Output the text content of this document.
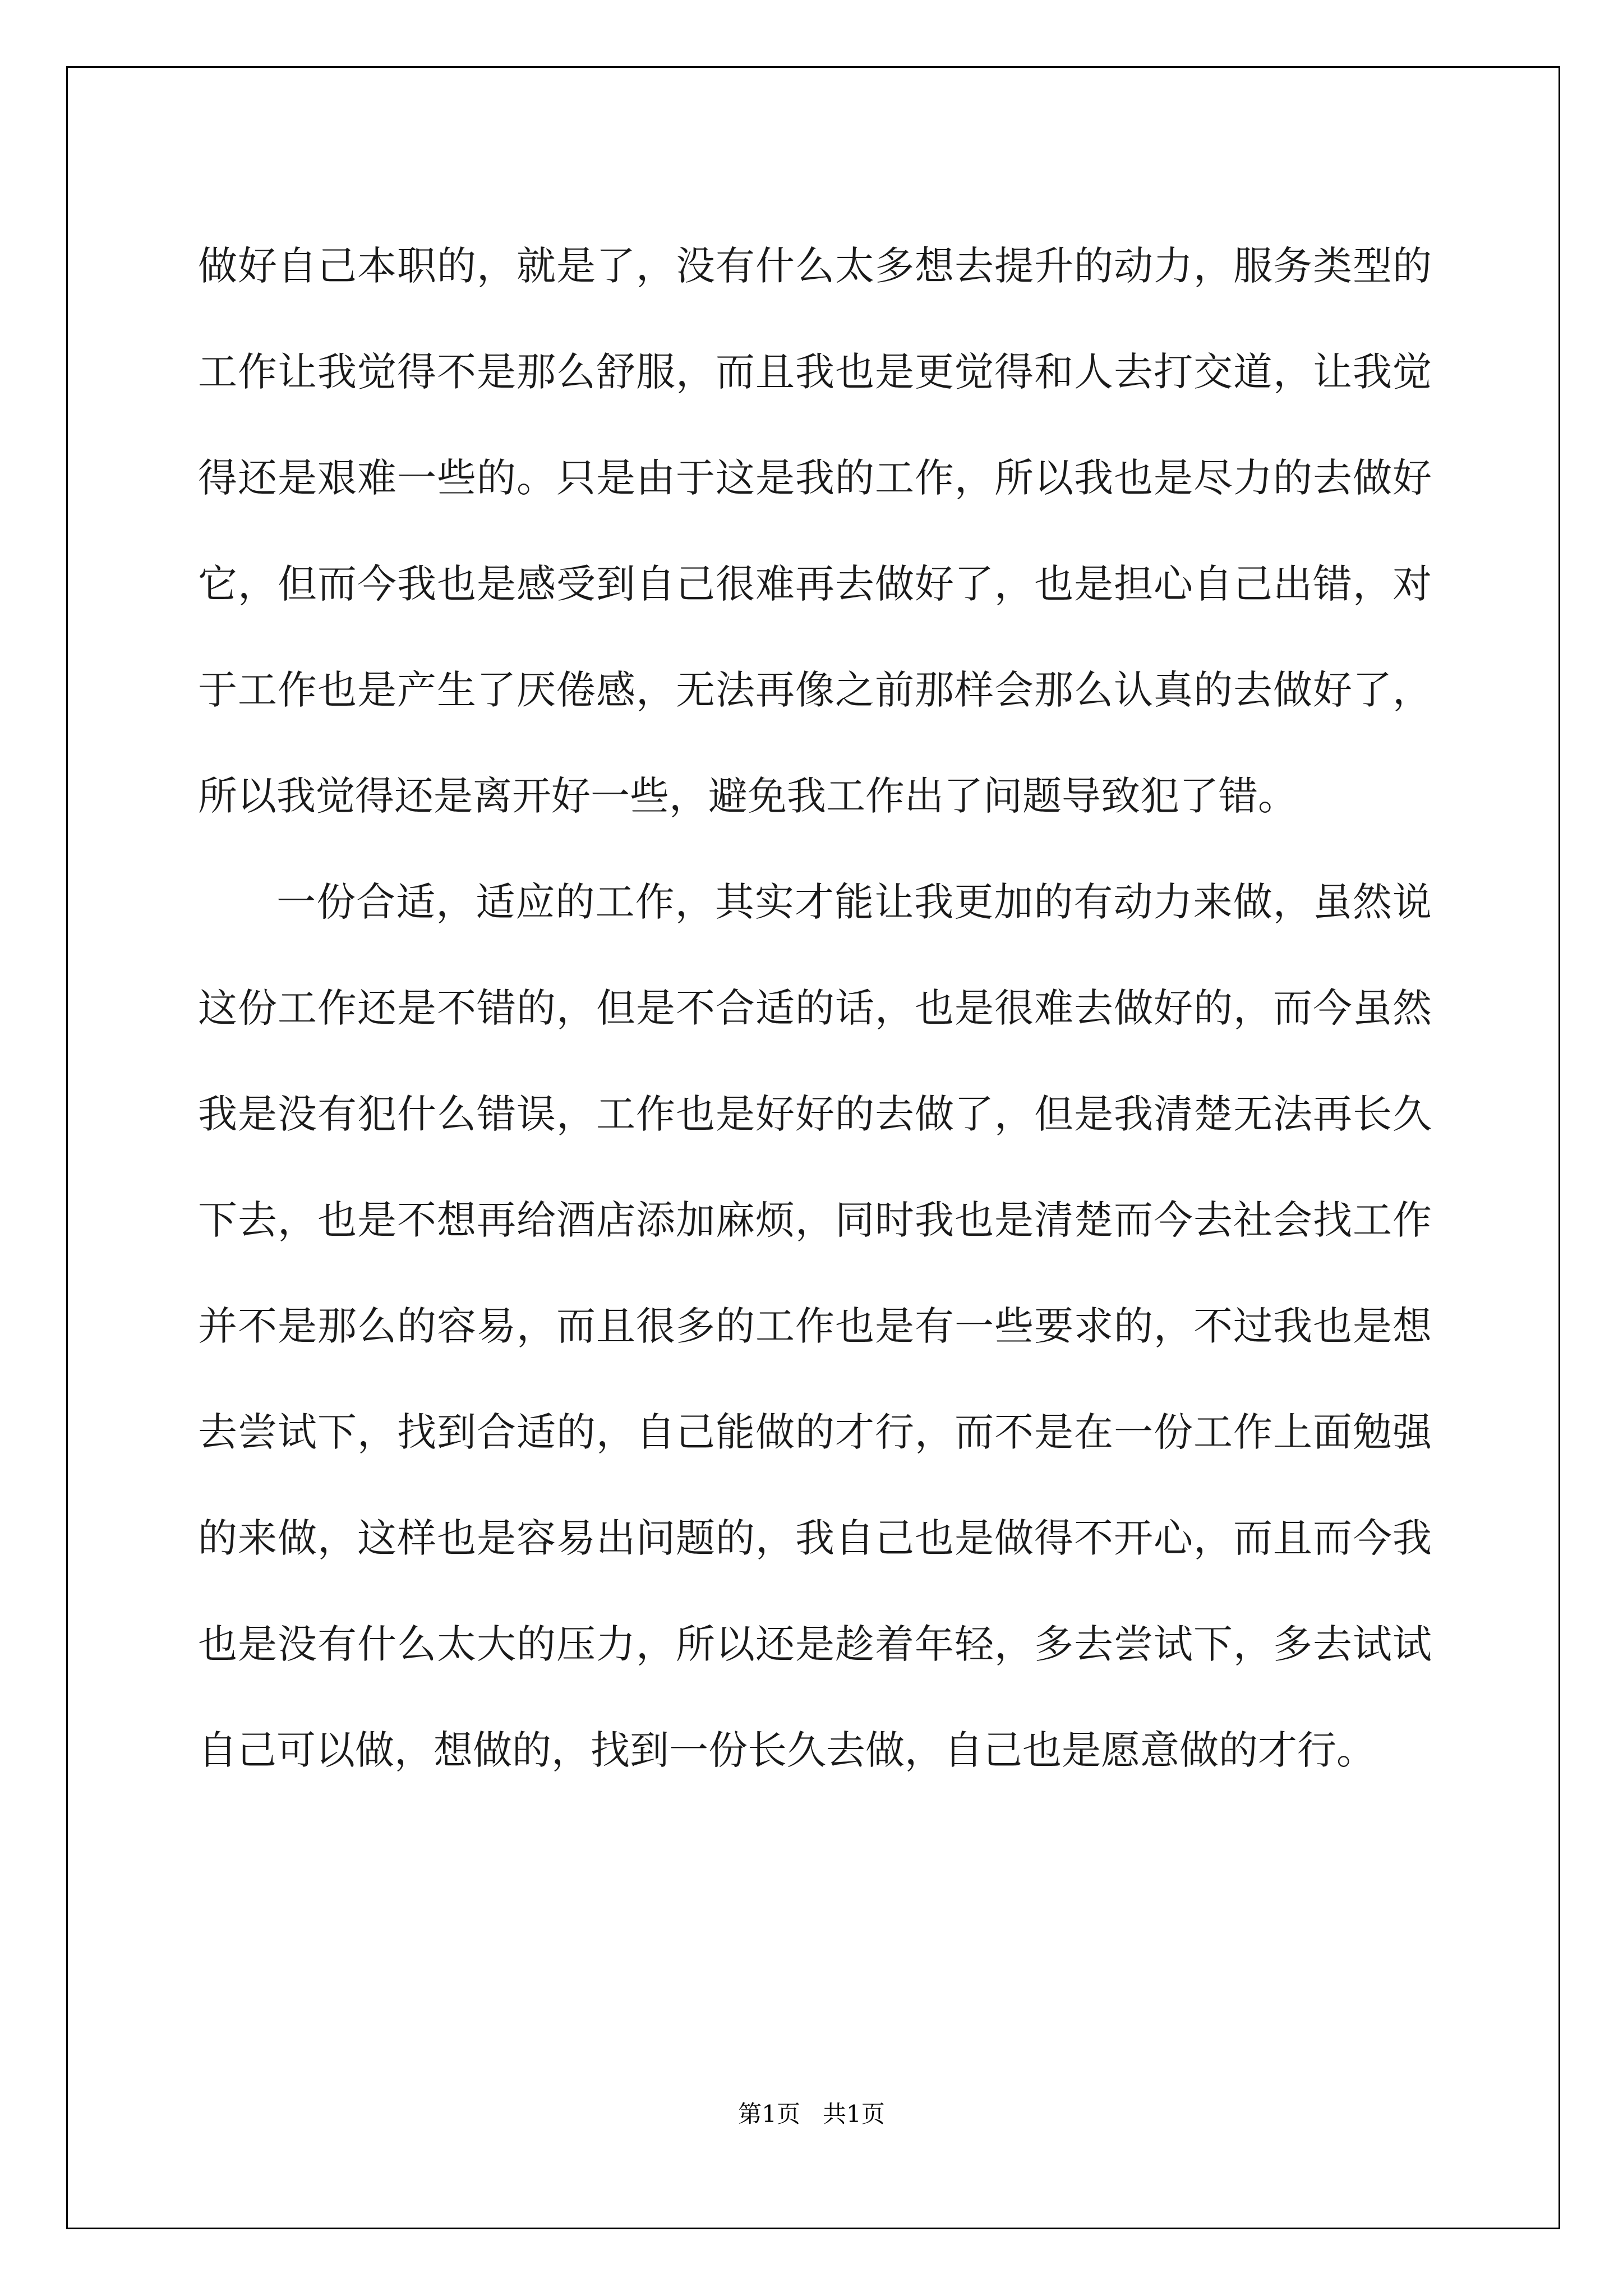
做好自己本职的，就是了，没有什么太多想去提升的动力，服务类型的工作让我觉得不是那么舒服，而且我也是更觉得和人去打交道，让我觉得还是艰难一些的。只是由于这是我的工作，所以我也是尽力的去做好它，但而今我也是感受到自己很难再去做好了，也是担心自己出错，对于工作也是产生了厌倦感，无法再像之前那样会那么认真的去做好了，所以我觉得还是离开好一些，避免我工作出了问题导致犯了错。

一份合适，适应的工作，其实才能让我更加的有动力来做，虽然说这份工作还是不错的，但是不合适的话，也是很难去做好的，而今虽然我是没有犯什么错误，工作也是好好的去做了，但是我清楚无法再长久下去，也是不想再给酒店添加麻烦，同时我也是清楚而今去社会找工作并不是那么的容易，而且很多的工作也是有一些要求的，不过我也是想去尝试下，找到合适的，自己能做的才行，而不是在一份工作上面勉强的来做，这样也是容易出问题的，我自己也是做得不开心，而且而今我也是没有什么太大的压力，所以还是趁着年轻，多去尝试下，多去试试自己可以做，想做的，找到一份长久去做，自己也是愿意做的才行。

第1页 共1页
